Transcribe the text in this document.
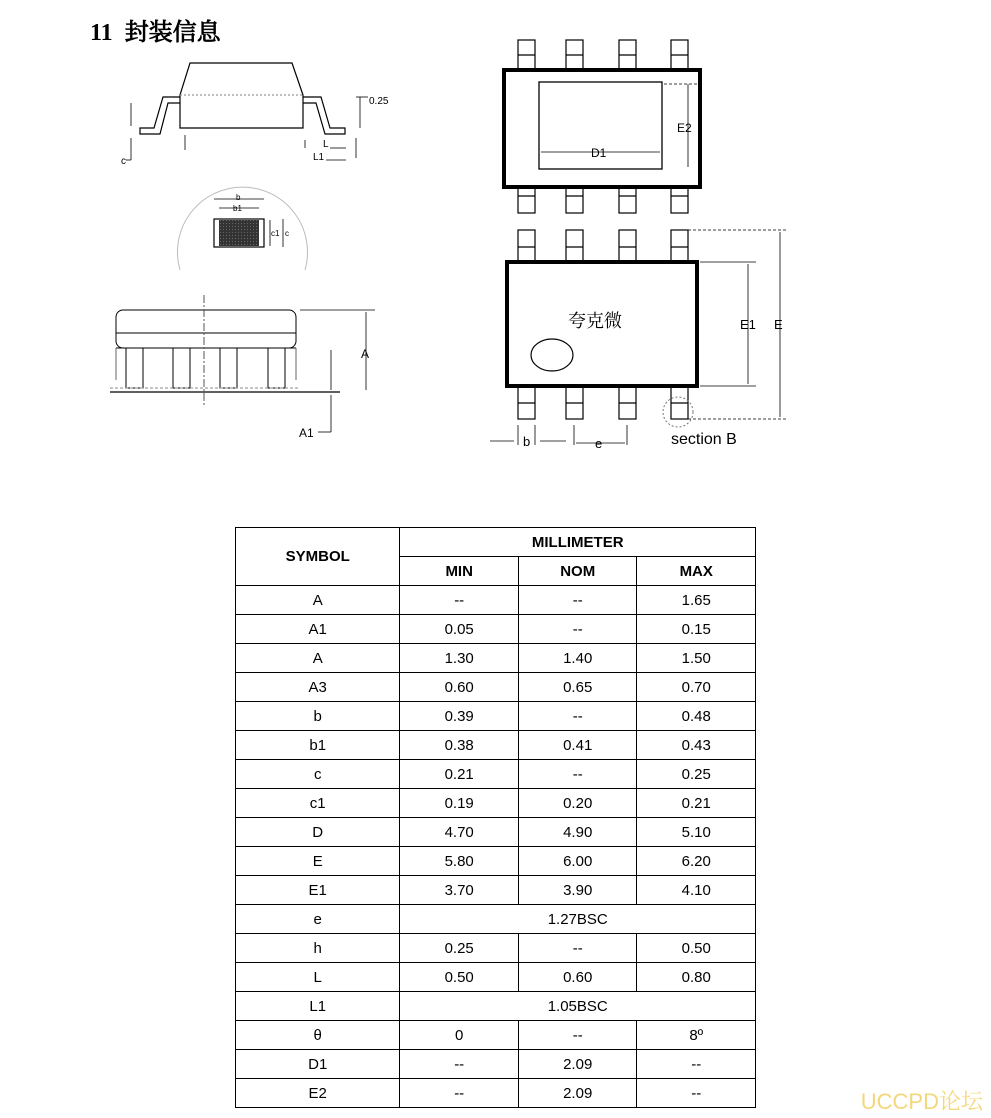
11 封装信息
c
0.25
L
L1
b
b1
c1 c
A
A1
D1
E2
夸克微	E1 E
b	e	section B
SYMBOL	MILLIMETER		
	MIN	NOM	MAX
A	--	--	1.65
A1	0.05	--	0.15
A	1.30	1.40	1.50
A3	0.60	0.65	0.70
b	0.39	--	0.48
b1	0.38	0.41	0.43
c	0.21	--	0.25
c1	0.19	0.20	0.21
D	4.70	4.90	5.10
E	5.80	6.00	6.20
E1	3.70	3.90	4.10
e	1.27BSC		
h	0.25	--	0.50
L	0.50	0.60	0.80
L1	1.05BSC		
θ	0	--	8º
D1	--	2.09	--
E2	--	2.09	--	UCCPD论坛
